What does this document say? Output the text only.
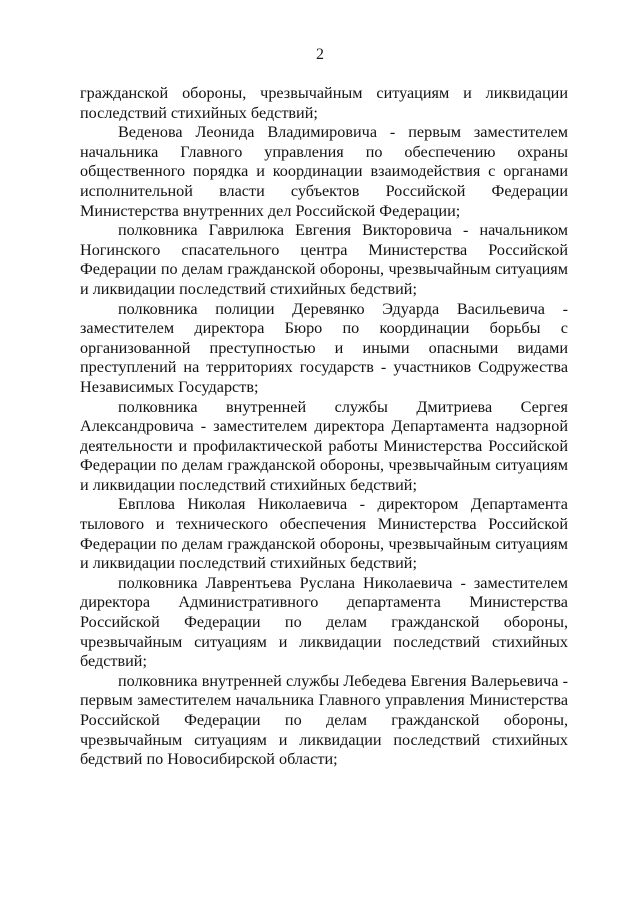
2

гражданской обороны, чрезвычайным ситуациям и ликвидации последствий стихийных бедствий;

Веденова Леонида Владимировича - первым заместителем начальника Главного управления по обеспечению охраны общественного порядка и координации взаимодействия с органами исполнительной власти субъектов Российской Федерации Министерства внутренних дел Российской Федерации;

полковника Гаврилюка Евгения Викторовича - начальником Ногинского спасательного центра Министерства Российской Федерации по делам гражданской обороны, чрезвычайным ситуациям и ликвидации последствий стихийных бедствий;

полковника полиции Деревянко Эдуарда Васильевича - заместителем директора Бюро по координации борьбы с организованной преступностью и иными опасными видами преступлений на территориях государств - участников Содружества Независимых Государств;

полковника внутренней службы Дмитриева Сергея Александровича - заместителем директора Департамента надзорной деятельности и профилактической работы Министерства Российской Федерации по делам гражданской обороны, чрезвычайным ситуациям и ликвидации последствий стихийных бедствий;

Евплова Николая Николаевича - директором Департамента тылового и технического обеспечения Министерства Российской Федерации по делам гражданской обороны, чрезвычайным ситуациям и ликвидации последствий стихийных бедствий;

полковника Лаврентьева Руслана Николаевича - заместителем директора Административного департамента Министерства Российской Федерации по делам гражданской обороны, чрезвычайным ситуациям и ликвидации последствий стихийных бедствий;

полковника внутренней службы Лебедева Евгения Валерьевича - первым заместителем начальника Главного управления Министерства Российской Федерации по делам гражданской обороны, чрезвычайным ситуациям и ликвидации последствий стихийных бедствий по Новосибирской области;
